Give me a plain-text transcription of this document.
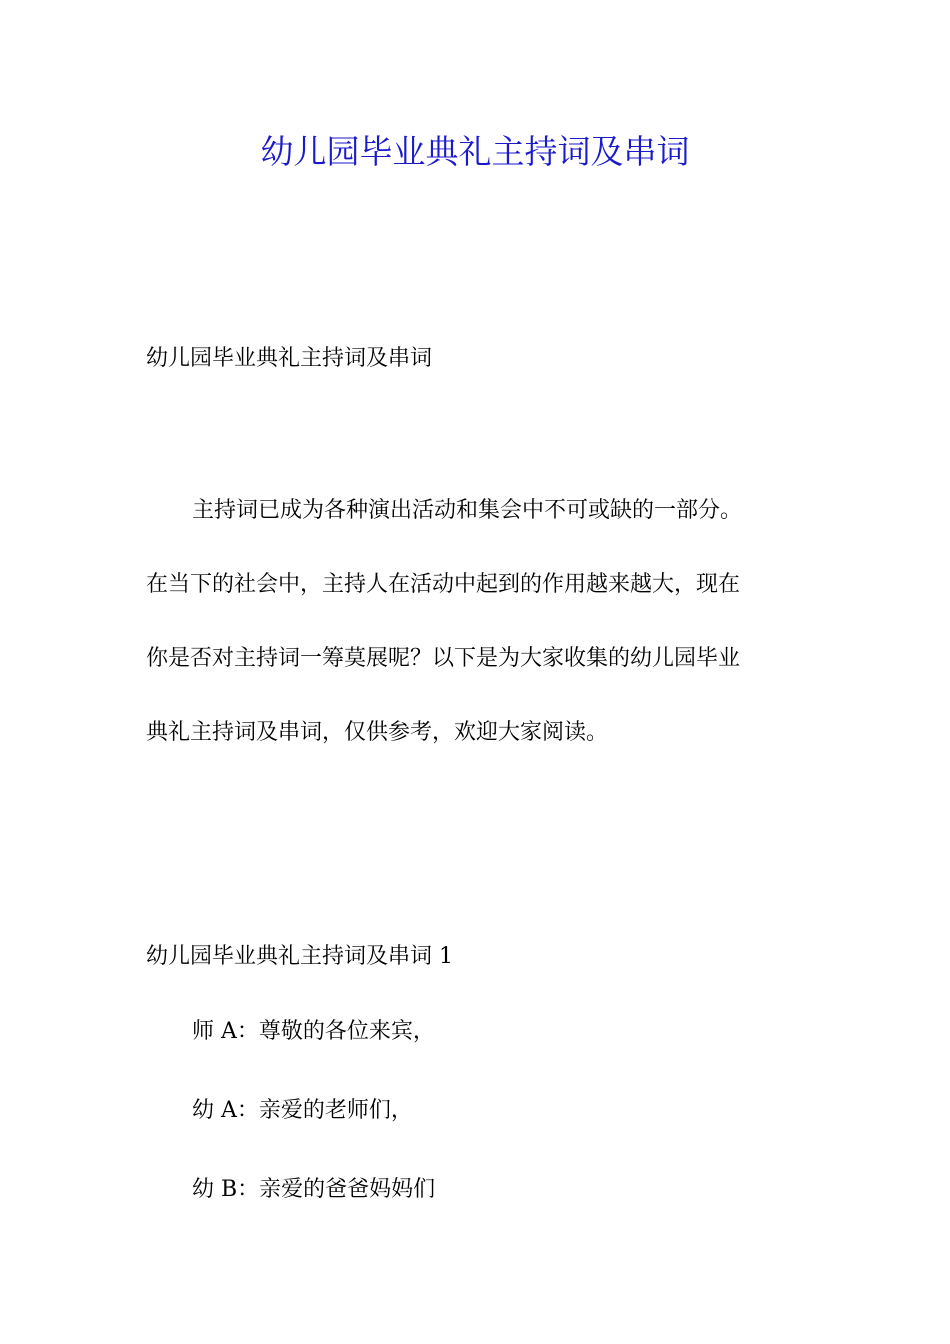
幼儿园毕业典礼主持词及串词

幼儿园毕业典礼主持词及串词

主持词已成为各种演出活动和集会中不可或缺的一部分。
在当下的社会中，主持人在活动中起到的作用越来越大，现在
你是否对主持词一筹莫展呢？以下是为大家收集的幼儿园毕业
典礼主持词及串词，仅供参考，欢迎大家阅读。

幼儿园毕业典礼主持词及串词 1

师 A：尊敬的各位来宾，
幼 A：亲爱的老师们，
幼 B：亲爱的爸爸妈妈们
